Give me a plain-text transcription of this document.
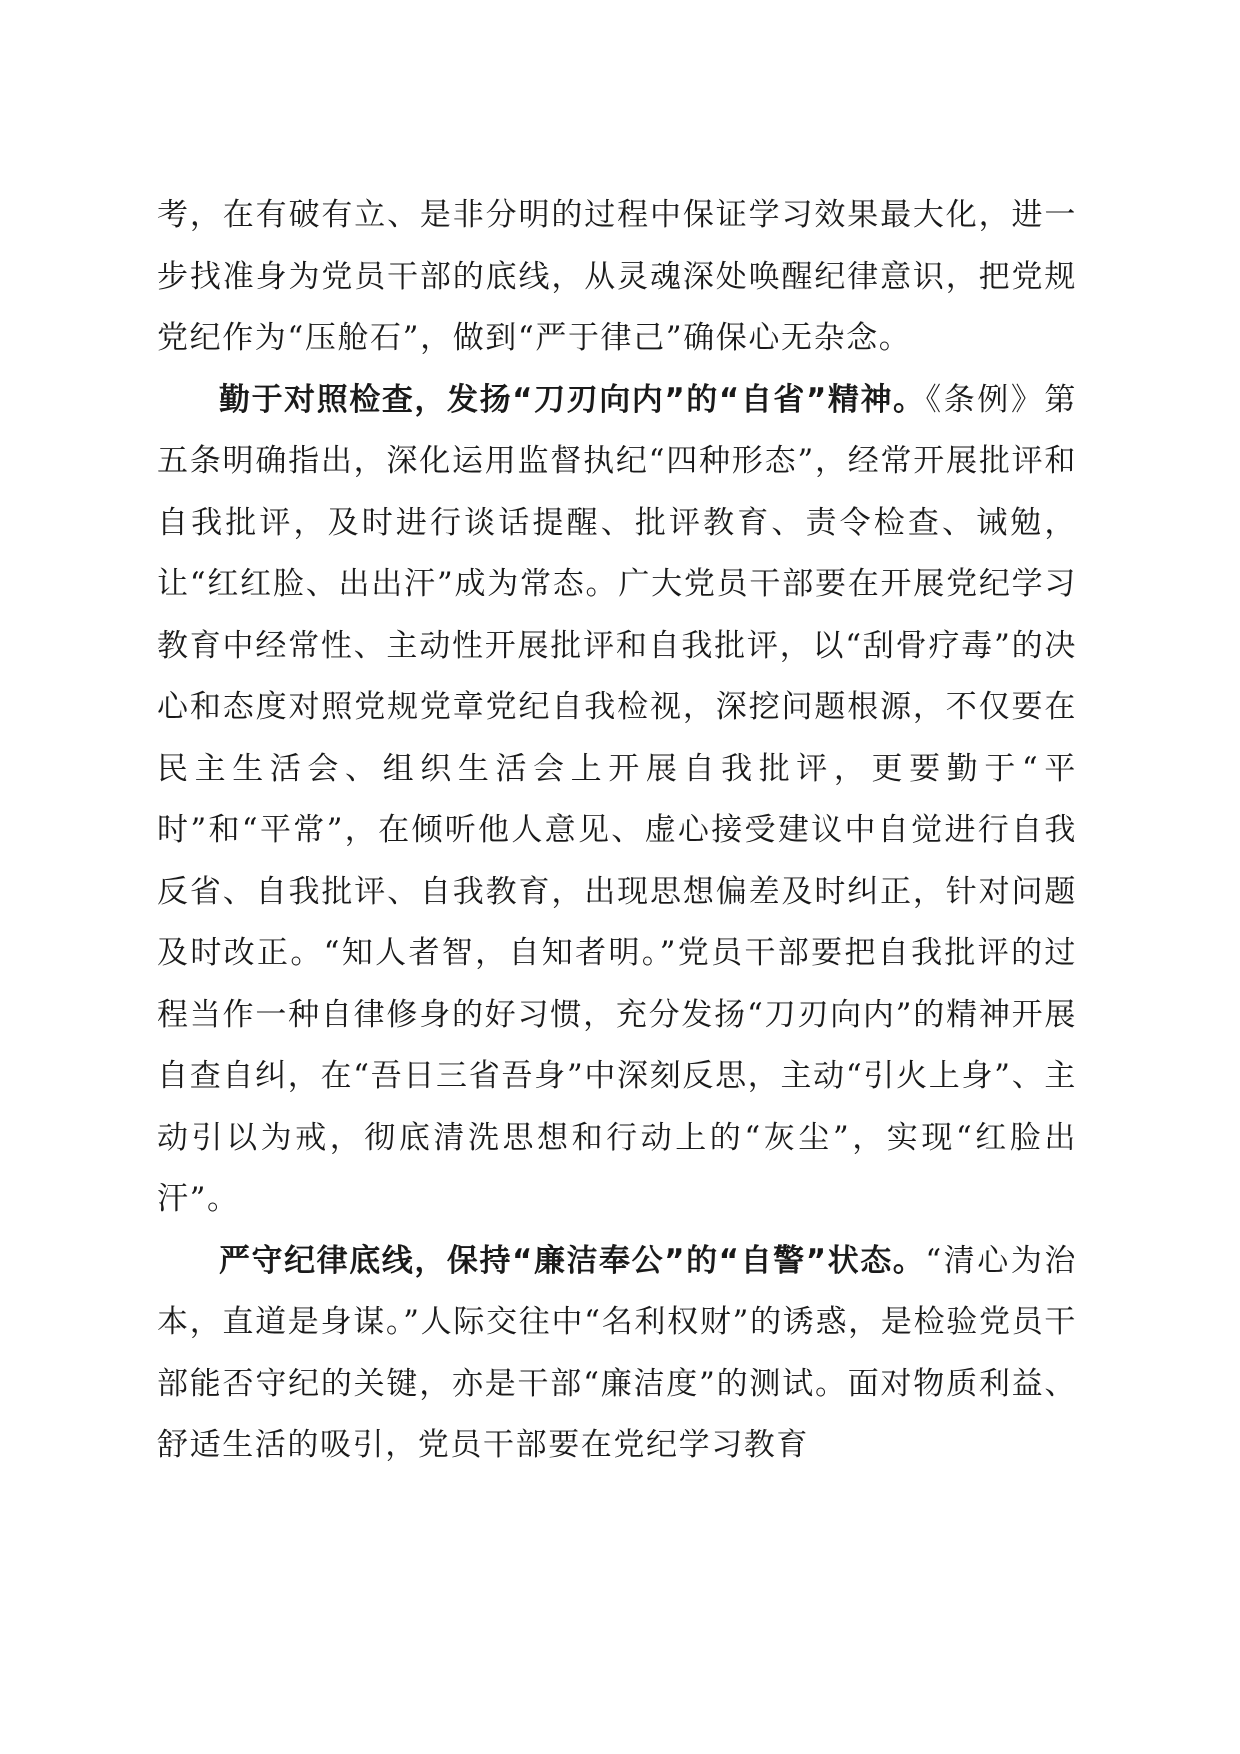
考，在有破有立、是非分明的过程中保证学习效果最大化，进一步找准身为党员干部的底线，从灵魂深处唤醒纪律意识，把党规党纪作为“压舱石”，做到“严于律己”确保心无杂念。

勤于对照检查，发扬“刀刃向内”的“自省”精神。《条例》第五条明确指出，深化运用监督执纪“四种形态”，经常开展批评和自我批评，及时进行谈话提醒、批评教育、责令检查、诫勉，让“红红脸、出出汗”成为常态。广大党员干部要在开展党纪学习教育中经常性、主动性开展批评和自我批评，以“刮骨疗毒”的决心和态度对照党规党章党纪自我检视，深挖问题根源，不仅要在民主生活会、组织生活会上开展自我批评，更要勤于“平时”和“平常”，在倾听他人意见、虚心接受建议中自觉进行自我反省、自我批评、自我教育，出现思想偏差及时纠正，针对问题及时改正。“知人者智，自知者明。”党员干部要把自我批评的过程当作一种自律修身的好习惯，充分发扬“刀刃向内”的精神开展自查自纠，在“吾日三省吾身”中深刻反思，主动“引火上身”、主动引以为戒，彻底清洗思想和行动上的“灰尘”，实现“红脸出汗”。

严守纪律底线，保持“廉洁奉公”的“自警”状态。“清心为治本，直道是身谋。”人际交往中“名利权财”的诱惑，是检验党员干部能否守纪的关键，亦是干部“廉洁度”的测试。面对物质利益、舒适生活的吸引，党员干部要在党纪学习教育
